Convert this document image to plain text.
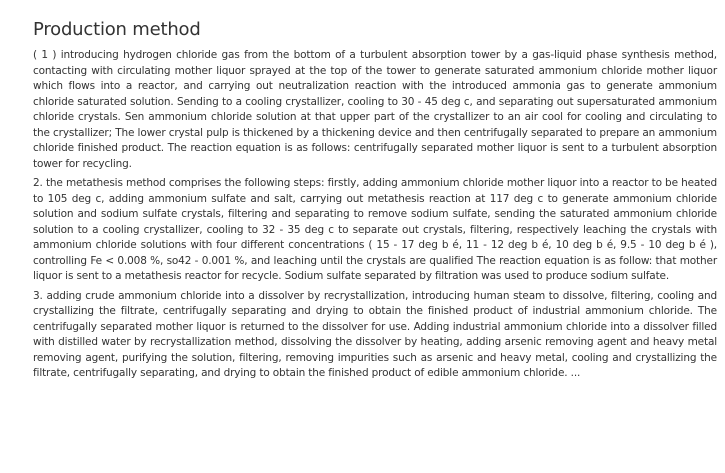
Production method

( 1 ) introducing hydrogen chloride gas from the bottom of a turbulent absorption tower by a gas-liquid phase synthesis method, contacting with circulating mother liquor sprayed at the top of the tower to generate saturated ammonium chloride mother liquor which flows into a reactor, and carrying out neutralization reaction with the introduced ammonia gas to generate ammonium chloride saturated solution. Sending to a cooling crystallizer, cooling to 30 - 45 deg c, and separating out supersaturated ammonium chloride crystals. Sen ammonium chloride solution at that upper part of the crystallizer to an air cool for cooling and circulating to the crystallizer; The lower crystal pulp is thickened by a thickening device and then centrifugally separated to prepare an ammonium chloride finished product. The reaction equation is as follows: centrifugally separated mother liquor is sent to a turbulent absorption tower for recycling.

2. the metathesis method comprises the following steps: firstly, adding ammonium chloride mother liquor into a reactor to be heated to 105 deg c, adding ammonium sulfate and salt, carrying out metathesis reaction at 117 deg c to generate ammonium chloride solution and sodium sulfate crystals, filtering and separating to remove sodium sulfate, sending the saturated ammonium chloride solution to a cooling crystallizer, cooling to 32 - 35 deg c to separate out crystals, filtering, respectively leaching the crystals with ammonium chloride solutions with four different concentrations ( 15 - 17 deg b é, 11 - 12 deg b é, 10 deg b é, 9.5 - 10 deg b é ), controlling Fe < 0.008 %, so42 - 0.001 %, and leaching until the crystals are qualified The reaction equation is as follow: that mother liquor is sent to a metathesis reactor for recycle. Sodium sulfate separated by filtration was used to produce sodium sulfate.

3. adding crude ammonium chloride into a dissolver by recrystallization, introducing human steam to dissolve, filtering, cooling and crystallizing the filtrate, centrifugally separating and drying to obtain the finished product of industrial ammonium chloride. The centrifugally separated mother liquor is returned to the dissolver for use. Adding industrial ammonium chloride into a dissolver filled with distilled water by recrystallization method, dissolving the dissolver by heating, adding arsenic removing agent and heavy metal removing agent, purifying the solution, filtering, removing impurities such as arsenic and heavy metal, cooling and crystallizing the filtrate, centrifugally separating, and drying to obtain the finished product of edible ammonium chloride. ...
